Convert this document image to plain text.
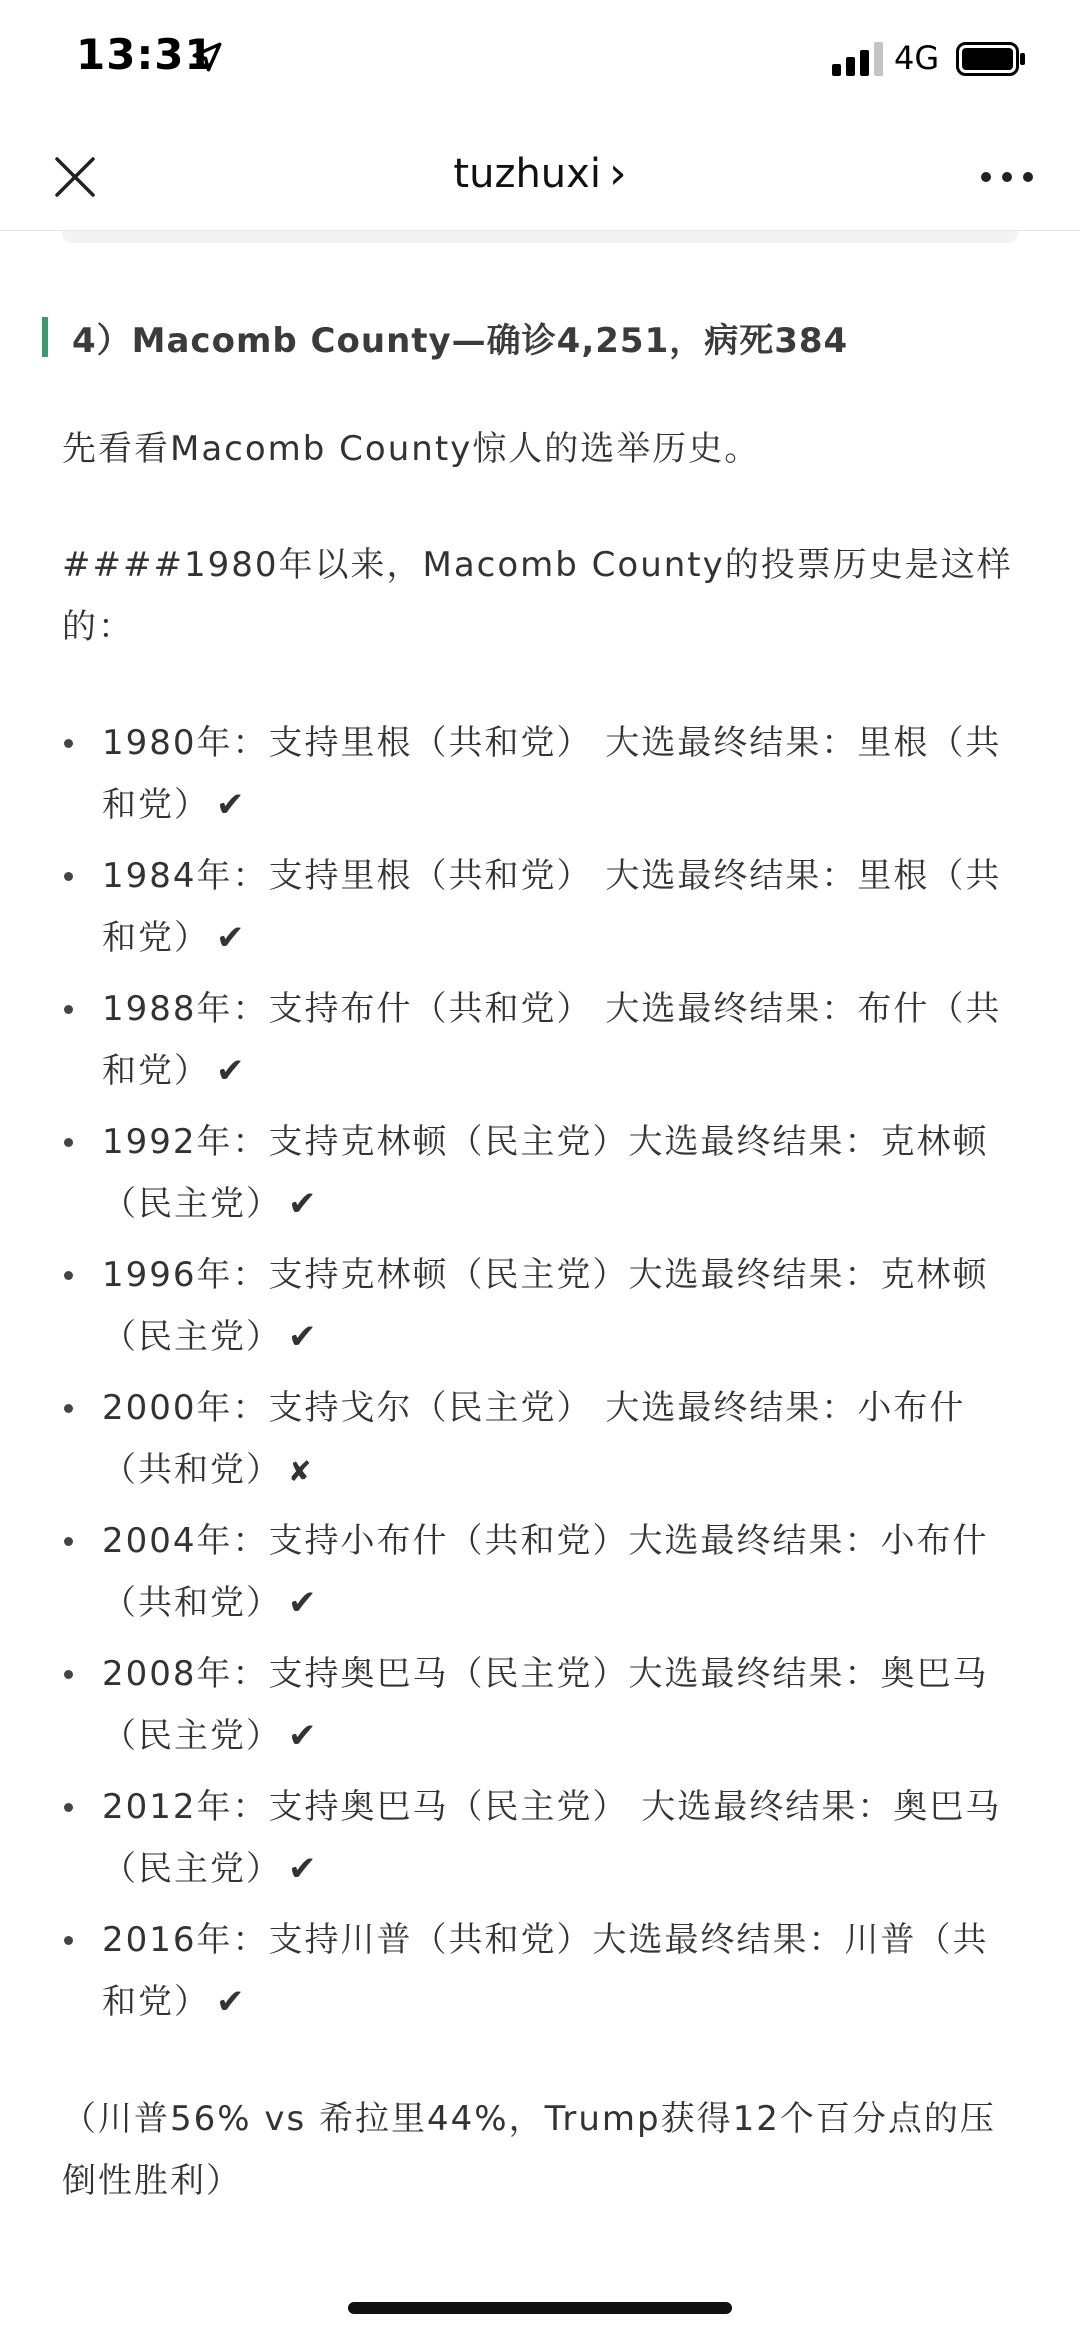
13:31	4G
tuzhuxi ›
4）Macomb County—确诊4,251，病死384
先看看Macomb County惊人的选举历史。
####1980年以来，Macomb County的投票历史是这样的：
1980年：支持里根（共和党） 大选最终结果：里根（共和党） ✔
1984年：支持里根（共和党） 大选最终结果：里根（共和党） ✔
1988年：支持布什（共和党） 大选最终结果：布什（共和党） ✔
1992年：支持克林顿（民主党）大选最终结果：克林顿（民主党） ✔
1996年：支持克林顿（民主党）大选最终结果：克林顿（民主党） ✔
2000年：支持戈尔（民主党） 大选最终结果：小布什（共和党） ✘
2004年：支持小布什（共和党）大选最终结果：小布什（共和党） ✔
2008年：支持奥巴马（民主党）大选最终结果：奥巴马（民主党） ✔
2012年：支持奥巴马（民主党） 大选最终结果：奥巴马（民主党） ✔
2016年：支持川普（共和党）大选最终结果：川普（共和党） ✔
（川普56% vs 希拉里44%，Trump获得12个百分点的压倒性胜利）
